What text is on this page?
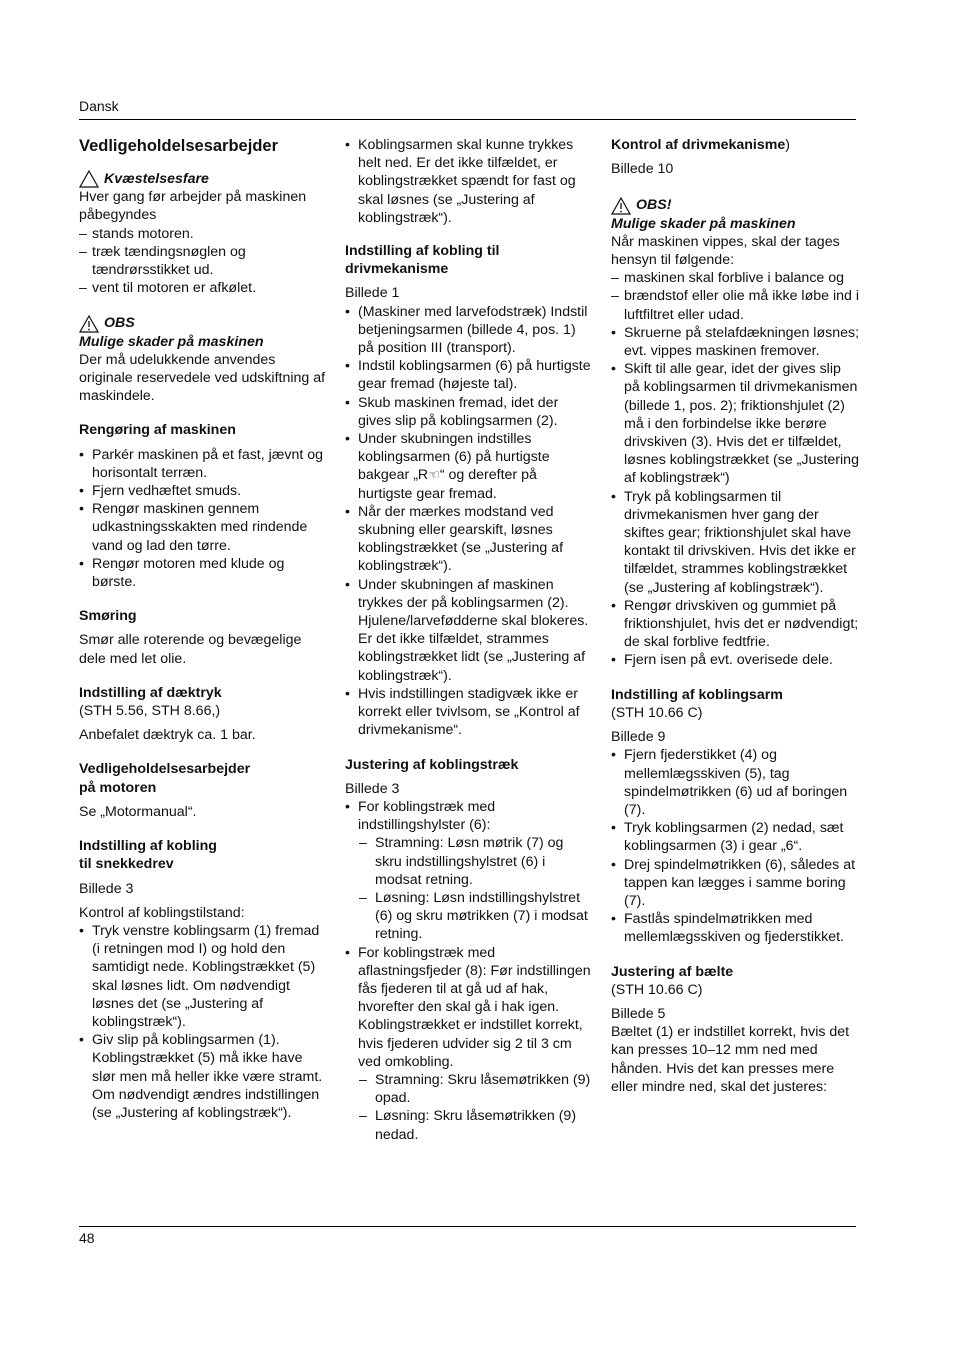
Dansk

Vedligeholdelsesarbejder

Kvæstelsesfare

Hver gang før arbejder på maskinen påbegyndes

– stands motoren.
– træk tændingsnøglen og tændrørsstikket ud.
– vent til motoren er afkølet.
OBS

Mulige skader på maskinen

Der må udelukkende anvendes originale reservedele ved udskiftning af maskindele.

Rengøring af maskinen

• Parkér maskinen på et fast, jævnt og horisontalt terræn.
• Fjern vedhæftet smuds.
• Rengør maskinen gennem udkastningsskakten med rindende vand og lad den tørre.
• Rengør motoren med klude og børste.

Smøring

Smør alle roterende og bevægelige dele med let olie.

Indstilling af dæktryk

(STH 5.56, STH 8.66,)

Anbefalet dæktryk ca. 1 bar.

Vedligeholdelsesarbejder

på motoren

Se „Motormanual“.

Indstilling af kobling

til snekkedrev

Billede 3

Kontrol af koblingstilstand:

• Tryk venstre koblingsarm (1) fremad (i retningen mod I) og hold den samtidigt nede. Koblingstrækket (5) skal løsnes lidt. Om nødvendigt løsnes det (se „Justering af koblingstræk“).
• Giv slip på koblingsarmen (1). Koblingstrækket (5) må ikke have slør men må heller ikke være stramt. Om nødvendigt ændres indstillingen (se „Justering af koblingstræk“).
• Koblingsarmen skal kunne trykkes helt ned. Er det ikke tilfældet, er koblingstrækket spændt for fast og skal løsnes (se „Justering af koblingstræk“).

Indstilling af kobling til

drivmekanisme

Billede 1

• (Maskiner med larvefodstræk) Indstil betjeningsarmen (billede 4, pos. 1) på position III (transport).
• Indstil koblingsarmen (6) på hurtigste gear fremad (højeste tal).
• Skub maskinen fremad, idet der gives slip på koblingsarmen (2).
• Under skubningen indstilles koblingsarmen (6) på hurtigste bakgear „R☜“ og derefter på hurtigste gear fremad.
• Når der mærkes modstand ved skubning eller gearskift, løsnes koblingstrækket (se „Justering af koblingstræk“).
• Under skubningen af maskinen trykkes der på koblingsarmen (2). Hjulene/larvefødderne skal blokeres. Er det ikke tilfældet, strammes koblingstrækket lidt (se „Justering af koblingstræk“).
• Hvis indstillingen stadigvæk ikke er korrekt eller tvivlsom, se „Kontrol af drivmekanisme“.

Justering af koblingstræk

Billede 3

• For koblingstræk med indstillingshylster (6):
– Stramning: Løsn møtrik (7) og skru indstillingshylstret (6) i modsat retning.
– Løsning: Løsn indstillingshylstret (6) og skru møtrikken (7) i modsat retning.
• For koblingstræk med aflastningsfjeder (8): Før indstillingen fås fjederen til at gå ud af hak, hvorefter den skal gå i hak igen. Koblingstrækket er indstillet korrekt, hvis fjederen udvider sig 2 til 3 cm ved omkobling.
– Stramning: Skru låsemøtrikken (9) opad.
– Løsning: Skru låsemøtrikken (9) nedad.

Kontrol af drivmekanisme)

Billede 10

OBS!

Mulige skader på maskinen

Når maskinen vippes, skal der tages hensyn til følgende:

– maskinen skal forblive i balance og
– brændstof eller olie må ikke løbe ind i luftfiltret eller udad.
• Skruerne på stelafdækningen løsnes; evt. vippes maskinen fremover.
• Skift til alle gear, idet der gives slip på koblingsarmen til drivmekanismen (billede 1, pos. 2); friktionshjulet (2) må i den forbindelse ikke berøre drivskiven (3). Hvis det er tilfældet, løsnes koblingstrækket (se „Justering af koblingstræk“)
• Tryk på koblingsarmen til drivmekanismen hver gang der skiftes gear; friktionshjulet skal have kontakt til drivskiven. Hvis det ikke er tilfældet, strammes koblingstrækket (se „Justering af koblingstræk“).
• Rengør drivskiven og gummiet på friktionshjulet, hvis det er nødvendigt; de skal forblive fedtfrie.
• Fjern isen på evt. overisede dele.

Indstilling af koblingsarm

(STH 10.66 C)

Billede 9

• Fjern fjederstikket (4) og mellemlægsskiven (5), tag spindelmøtrikken (6) ud af boringen (7).
• Tryk koblingsarmen (2) nedad, sæt koblingsarmen (3) i gear „6“.
• Drej spindelmøtrikken (6), således at tappen kan lægges i samme boring (7).
• Fastlås spindelmøtrikken med mellemlægsskiven og fjederstikket.

Justering af bælte

(STH 10.66 C)

Billede 5

Bæltet (1) er indstillet korrekt, hvis det kan presses 10–12 mm ned med hånden. Hvis det kan presses mere eller mindre ned, skal det justeres:

48
